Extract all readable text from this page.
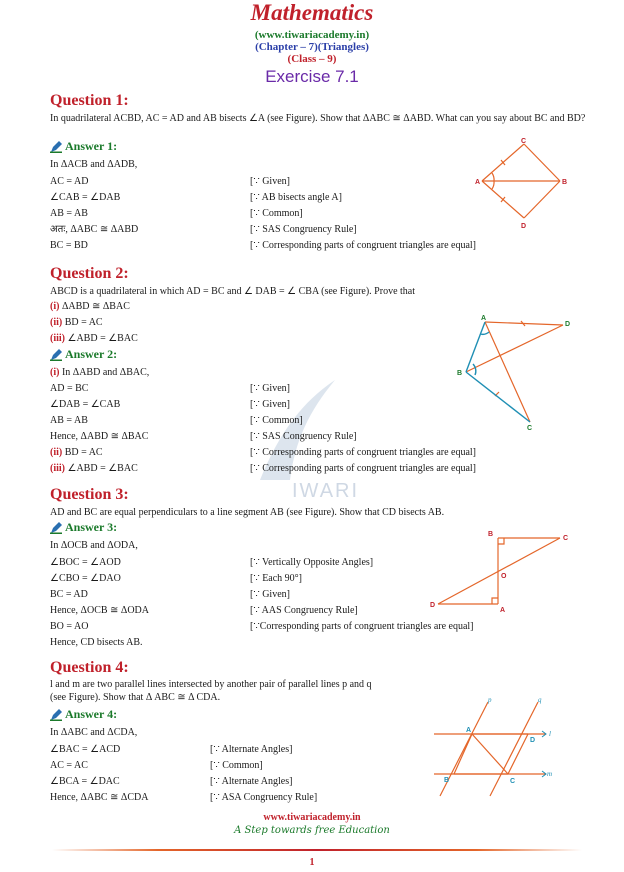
IWARI
Mathematics
(www.tiwariacademy.in)
(Chapter – 7)(Triangles)
(Class – 9)
Exercise 7.1
Question 1:
In quadrilateral ACBD, AC = AD and AB bisects ∠A (see Figure). Show that ΔABC ≅ ΔABD. What can you say about BC and BD?
Answer 1:
In ΔACB and ΔADB,
AC = AD	[∵ Given]
∠CAB = ∠DAB	[∵ AB bisects angle A]
AB = AB	[∵ Common]
अतः, ΔABC ≅ ΔABD	[∵ SAS Congruency Rule]
BC = BD	[∵ Corresponding parts of congruent triangles are equal]
A	B
C
D
Question 2:
ABCD is a quadrilateral in which AD = BC and ∠ DAB = ∠ CBA (see Figure). Prove that
(i) ΔABD ≅ ΔBAC
(ii) BD = AC
(iii) ∠ABD = ∠BAC
Answer 2:
(i) In ΔABD and ΔBAC,
AD = BC	[∵ Given]
∠DAB = ∠CAB	[∵ Given]
AB = AB	[∵ Common]
Hence, ΔABD ≅ ΔBAC	[∵ SAS Congruency Rule]
(ii) BD = AC	[∵ Corresponding parts of congruent triangles are equal]
(iii) ∠ABD = ∠BAC	[∵ Corresponding parts of congruent triangles are equal]
A
B
C
D
Question 3:
AD and BC are equal perpendiculars to a line segment AB (see Figure). Show that CD bisects AB.
Answer 3:
In ΔOCB and ΔODA,
∠BOC = ∠AOD	[∵ Vertically Opposite Angles]
∠CBO = ∠DAO	[∵ Each 90°]
BC = AD	[∵ Given]
Hence, ΔOCB ≅ ΔODA	[∵ AAS Congruency Rule]
BO = AO	[∵Corresponding parts of congruent triangles are equal]
Hence, CD bisects AB.
B
C
O
D
A
Question 4:
l and m are two parallel lines intersected by another pair of parallel lines p and q
(see Figure). Show that Δ ABC ≅ Δ CDA.
Answer 4:
In ΔABC and ΔCDA,
∠BAC = ∠ACD	[∵ Alternate Angles]
AC = AC	[∵ Common]
∠BCA = ∠DAC	[∵ Alternate Angles]
Hence, ΔABC ≅ ΔCDA	[∵ ASA Congruency Rule]
A
B	C
D
l
m
p	q
www.tiwariacademy.in
A Step towards free Education
1
